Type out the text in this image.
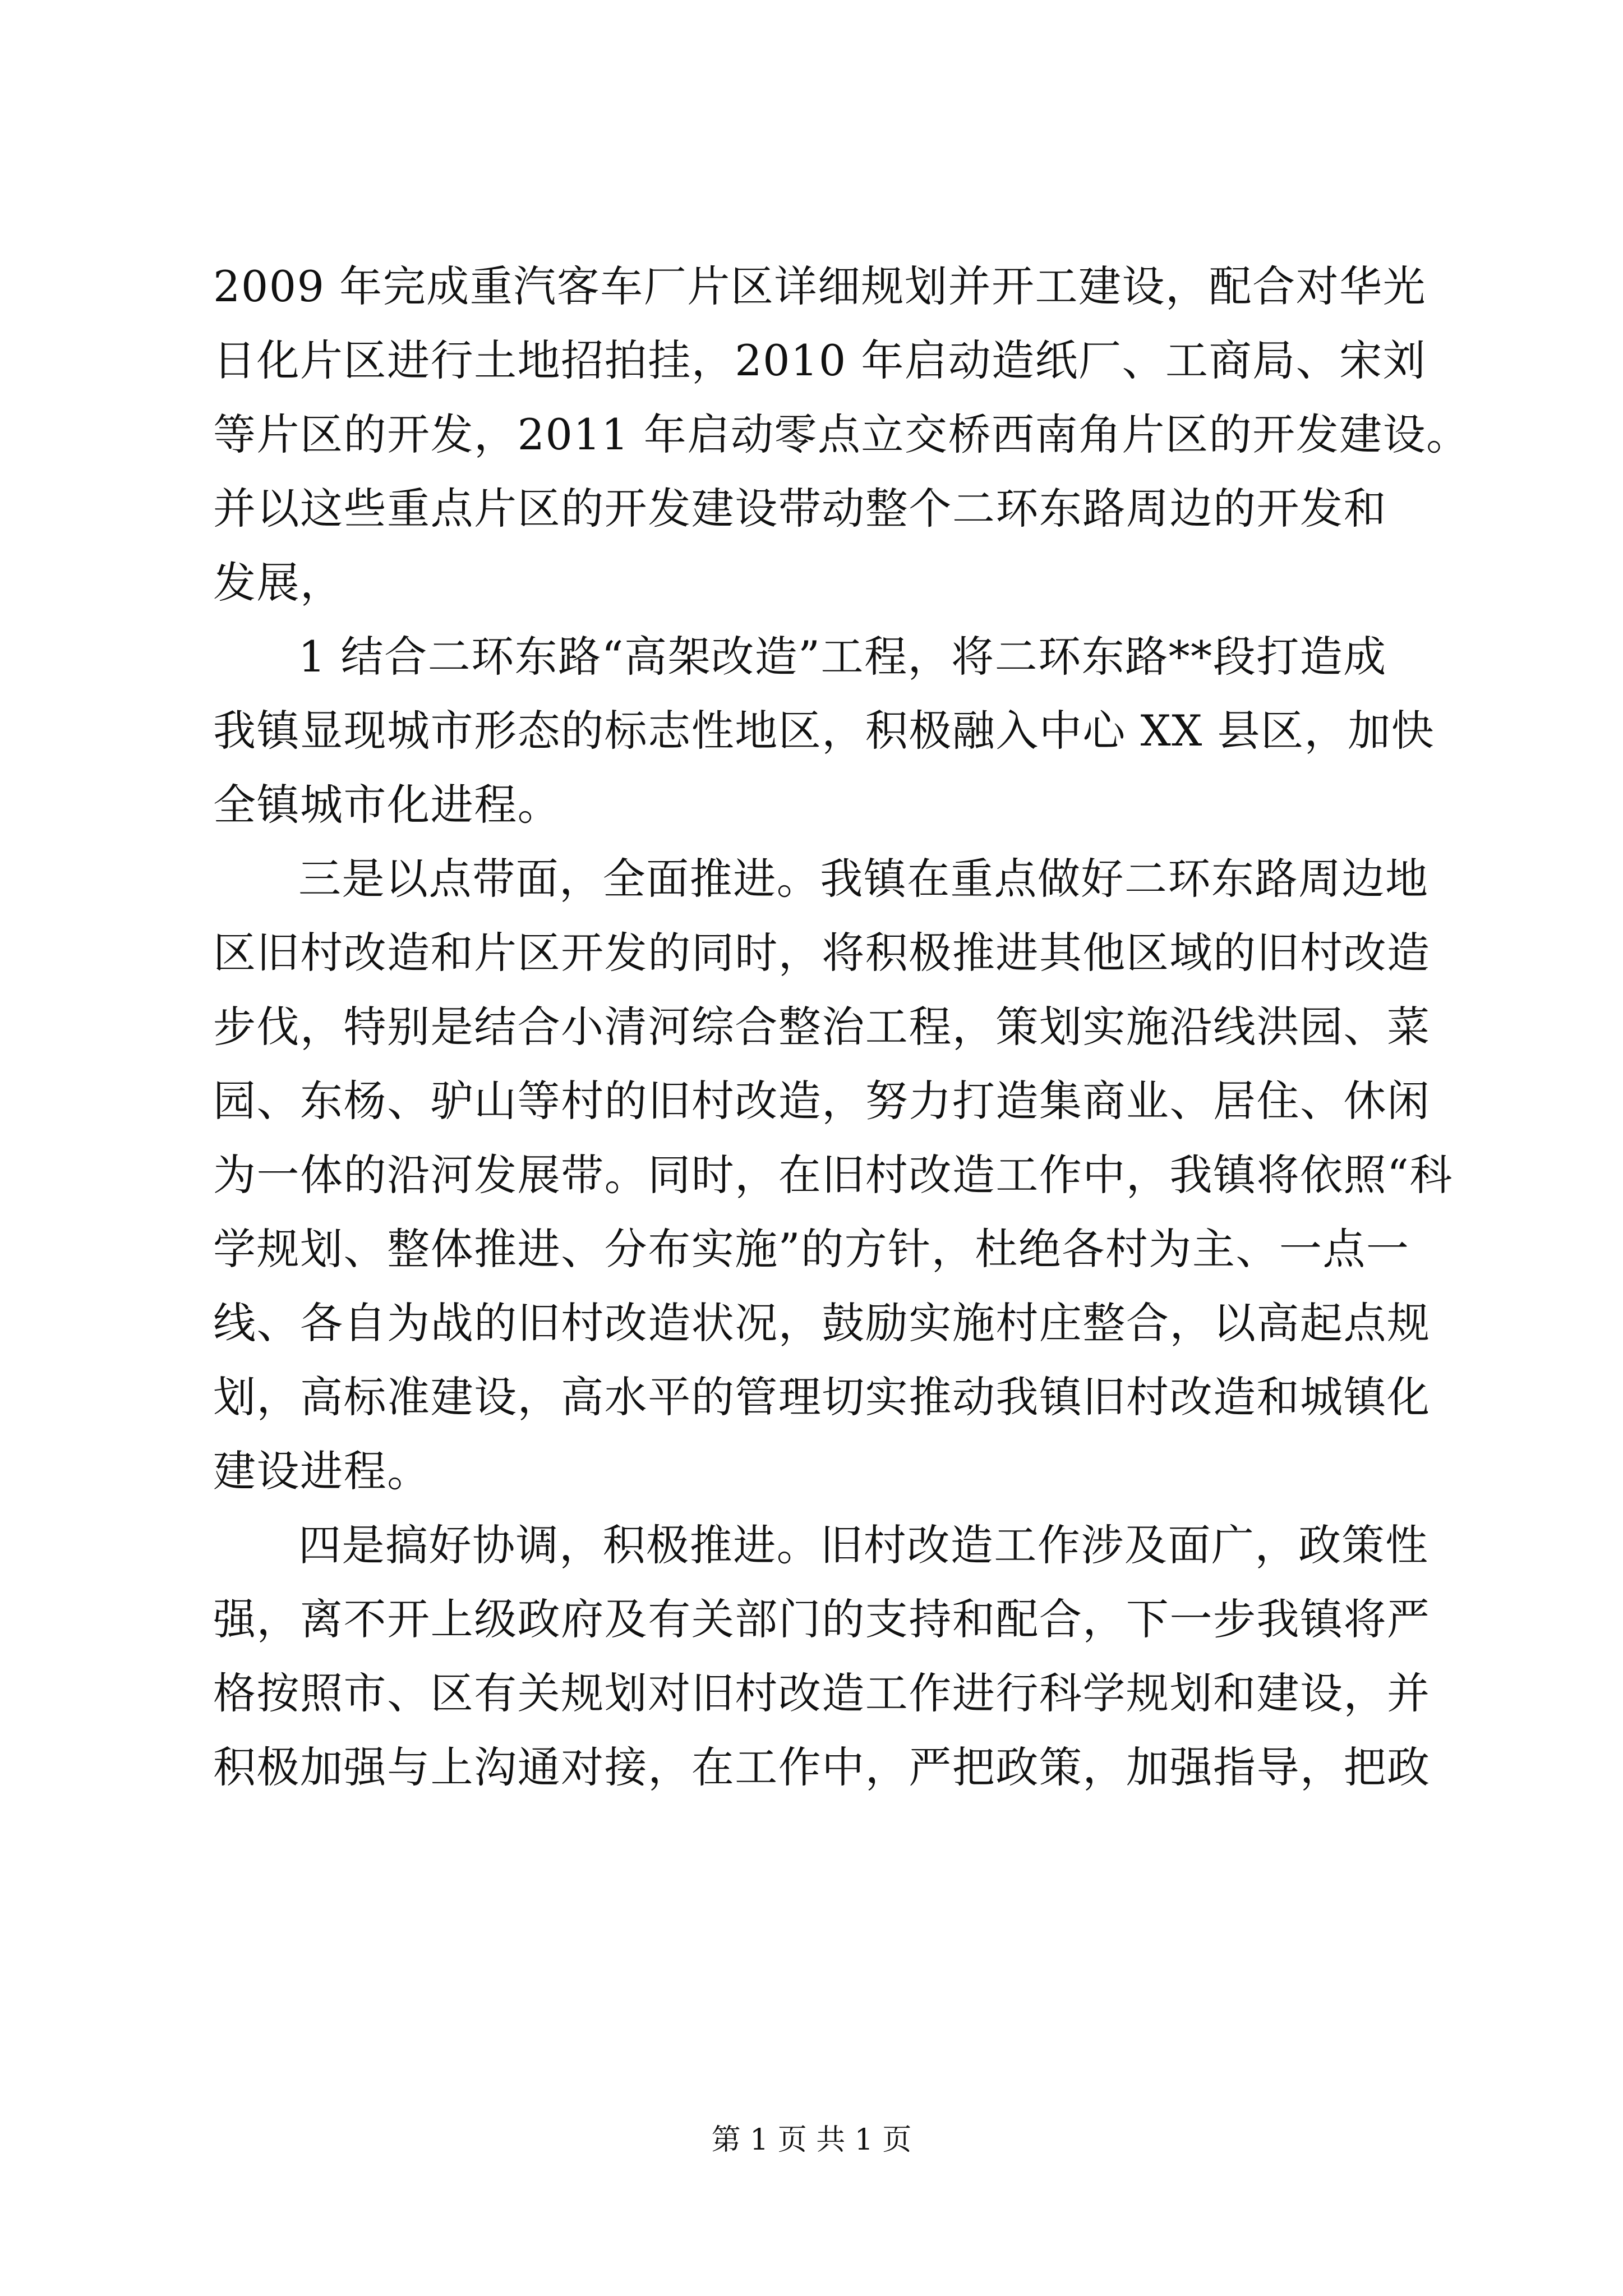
2009 年完成重汽客车厂片区详细规划并开工建设，配合对华光
日化片区进行土地招拍挂，2010 年启动造纸厂、工商局、宋刘
等片区的开发，2011 年启动零点立交桥西南角片区的开发建设。
并以这些重点片区的开发建设带动整个二环东路周边的开发和
发展，
1 结合二环东路“高架改造”工程，将二环东路**段打造成
我镇显现城市形态的标志性地区，积极融入中心 XX 县区，加快
全镇城市化进程。
三是以点带面，全面推进。我镇在重点做好二环东路周边地
区旧村改造和片区开发的同时，将积极推进其他区域的旧村改造
步伐，特别是结合小清河综合整治工程，策划实施沿线洪园、菜
园、东杨、驴山等村的旧村改造，努力打造集商业、居住、休闲
为一体的沿河发展带。同时，在旧村改造工作中，我镇将依照“科
学规划、整体推进、分布实施”的方针，杜绝各村为主、一点一
线、各自为战的旧村改造状况，鼓励实施村庄整合，以高起点规
划，高标准建设，高水平的管理切实推动我镇旧村改造和城镇化
建设进程。
四是搞好协调，积极推进。旧村改造工作涉及面广，政策性
强，离不开上级政府及有关部门的支持和配合，下一步我镇将严
格按照市、区有关规划对旧村改造工作进行科学规划和建设，并
积极加强与上沟通对接，在工作中，严把政策，加强指导，把政
第 1 页 共 1 页
